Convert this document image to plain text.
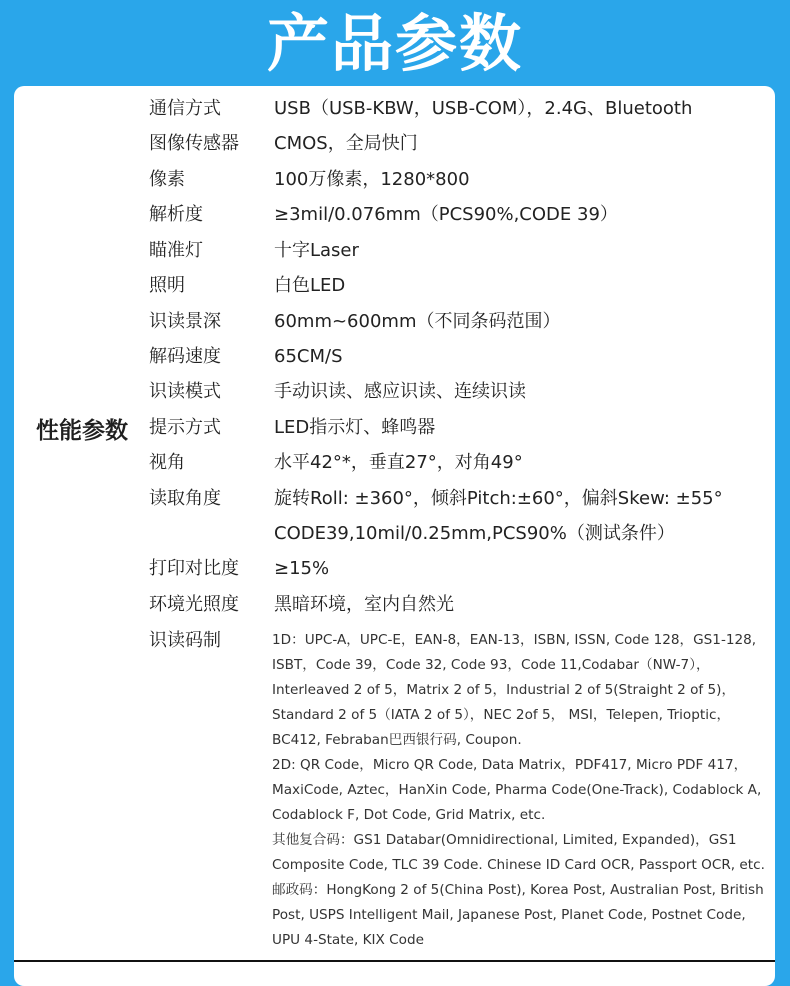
产品参数
性能参数
通信方式	USB（USB-KBW，USB-COM），2.4G、Bluetooth
图像传感器 CMOS，全局快门
像素	100万像素，1280*800
解析度	≥3mil/0.076mm（PCS90%,CODE 39）
瞄准灯	十字Laser
照明	白色LED
识读景深	60mm~600mm（不同条码范围）
解码速度	65CM/S
识读模式	手动识读、感应识读、连续识读
提示方式	LED指示灯、蜂鸣器
视角	水平42°*，垂直27°，对角49°
读取角度	旋转Roll: ±360°，倾斜Pitch:±60°，偏斜Skew: ±55°
CODE39,10mil/0.25mm,PCS90%（测试条件）
打印对比度 ≥15%
环境光照度 黑暗环境，室内自然光
识读码制	1D：UPC-A，UPC-E，EAN-8，EAN-13，ISBN, ISSN, Code 128，GS1-128,
ISBT，Code 39，Code 32, Code 93，Code 11,Codabar（NW-7），
Interleaved 2 of 5，Matrix 2 of 5，Industrial 2 of 5(Straight 2 of 5)，
Standard 2 of 5（IATA 2 of 5），NEC 2of 5， MSI，Telepen, Trioptic，
BC412, Febraban巴西银行码, Coupon.
2D: QR Code，Micro QR Code, Data Matrix，PDF417, Micro PDF 417，
MaxiCode, Aztec，HanXin Code, Pharma Code(One-Track), Codablock A,
Codablock F, Dot Code, Grid Matrix, etc.
其他复合码：GS1 Databar(Omnidirectional, Limited, Expanded)，GS1
Composite Code, TLC 39 Code. Chinese ID Card OCR, Passport OCR, etc.
邮政码：HongKong 2 of 5(China Post), Korea Post, Australian Post, British
Post, USPS Intelligent Mail, Japanese Post, Planet Code, Postnet Code,
UPU 4-State, KIX Code
